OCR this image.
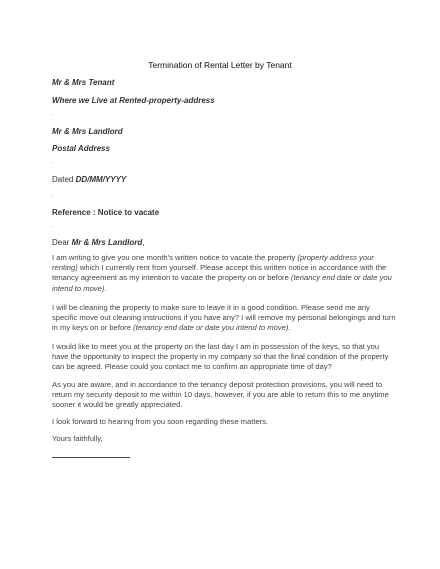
Termination of Rental Letter by Tenant
Mr & Mrs Tenant
Where we Live at Rented-property-address
.
Mr & Mrs Landlord
Postal Address
.
Dated DD/MM/YYYY
.
Reference : Notice to vacate
.
Dear Mr & Mrs Landlord,
I am writing to give you one month's written notice to vacate the property (property address your renting) which I currently rent from yourself. Please accept this written notice in accordance with the tenancy agreement as my intention to vacate the property on or before (tenancy end date or date you intend to move).
I will be cleaning the property to make sure to leave it in a good condition. Please send me any specific move out cleaning instructions if you have any? I will remove my personal belongings and turn in my keys on or before (tenancy end date or date you intend to move).
I would like to meet you at the property on the last day I am in possession of the keys, so that you have the opportunity to inspect the property in my company so that the final condition of the property can be agreed. Please could you contact me to confirm an appropriate time of day?
As you are aware, and in accordance to the tenancy deposit protection provisions, you will need to return my security deposit to me within 10 days, however, if you are able to return this to me anytime sooner it would be greatly appreciated.
I look forward to hearing from you soon regarding these matters.
Yours faithfully,
